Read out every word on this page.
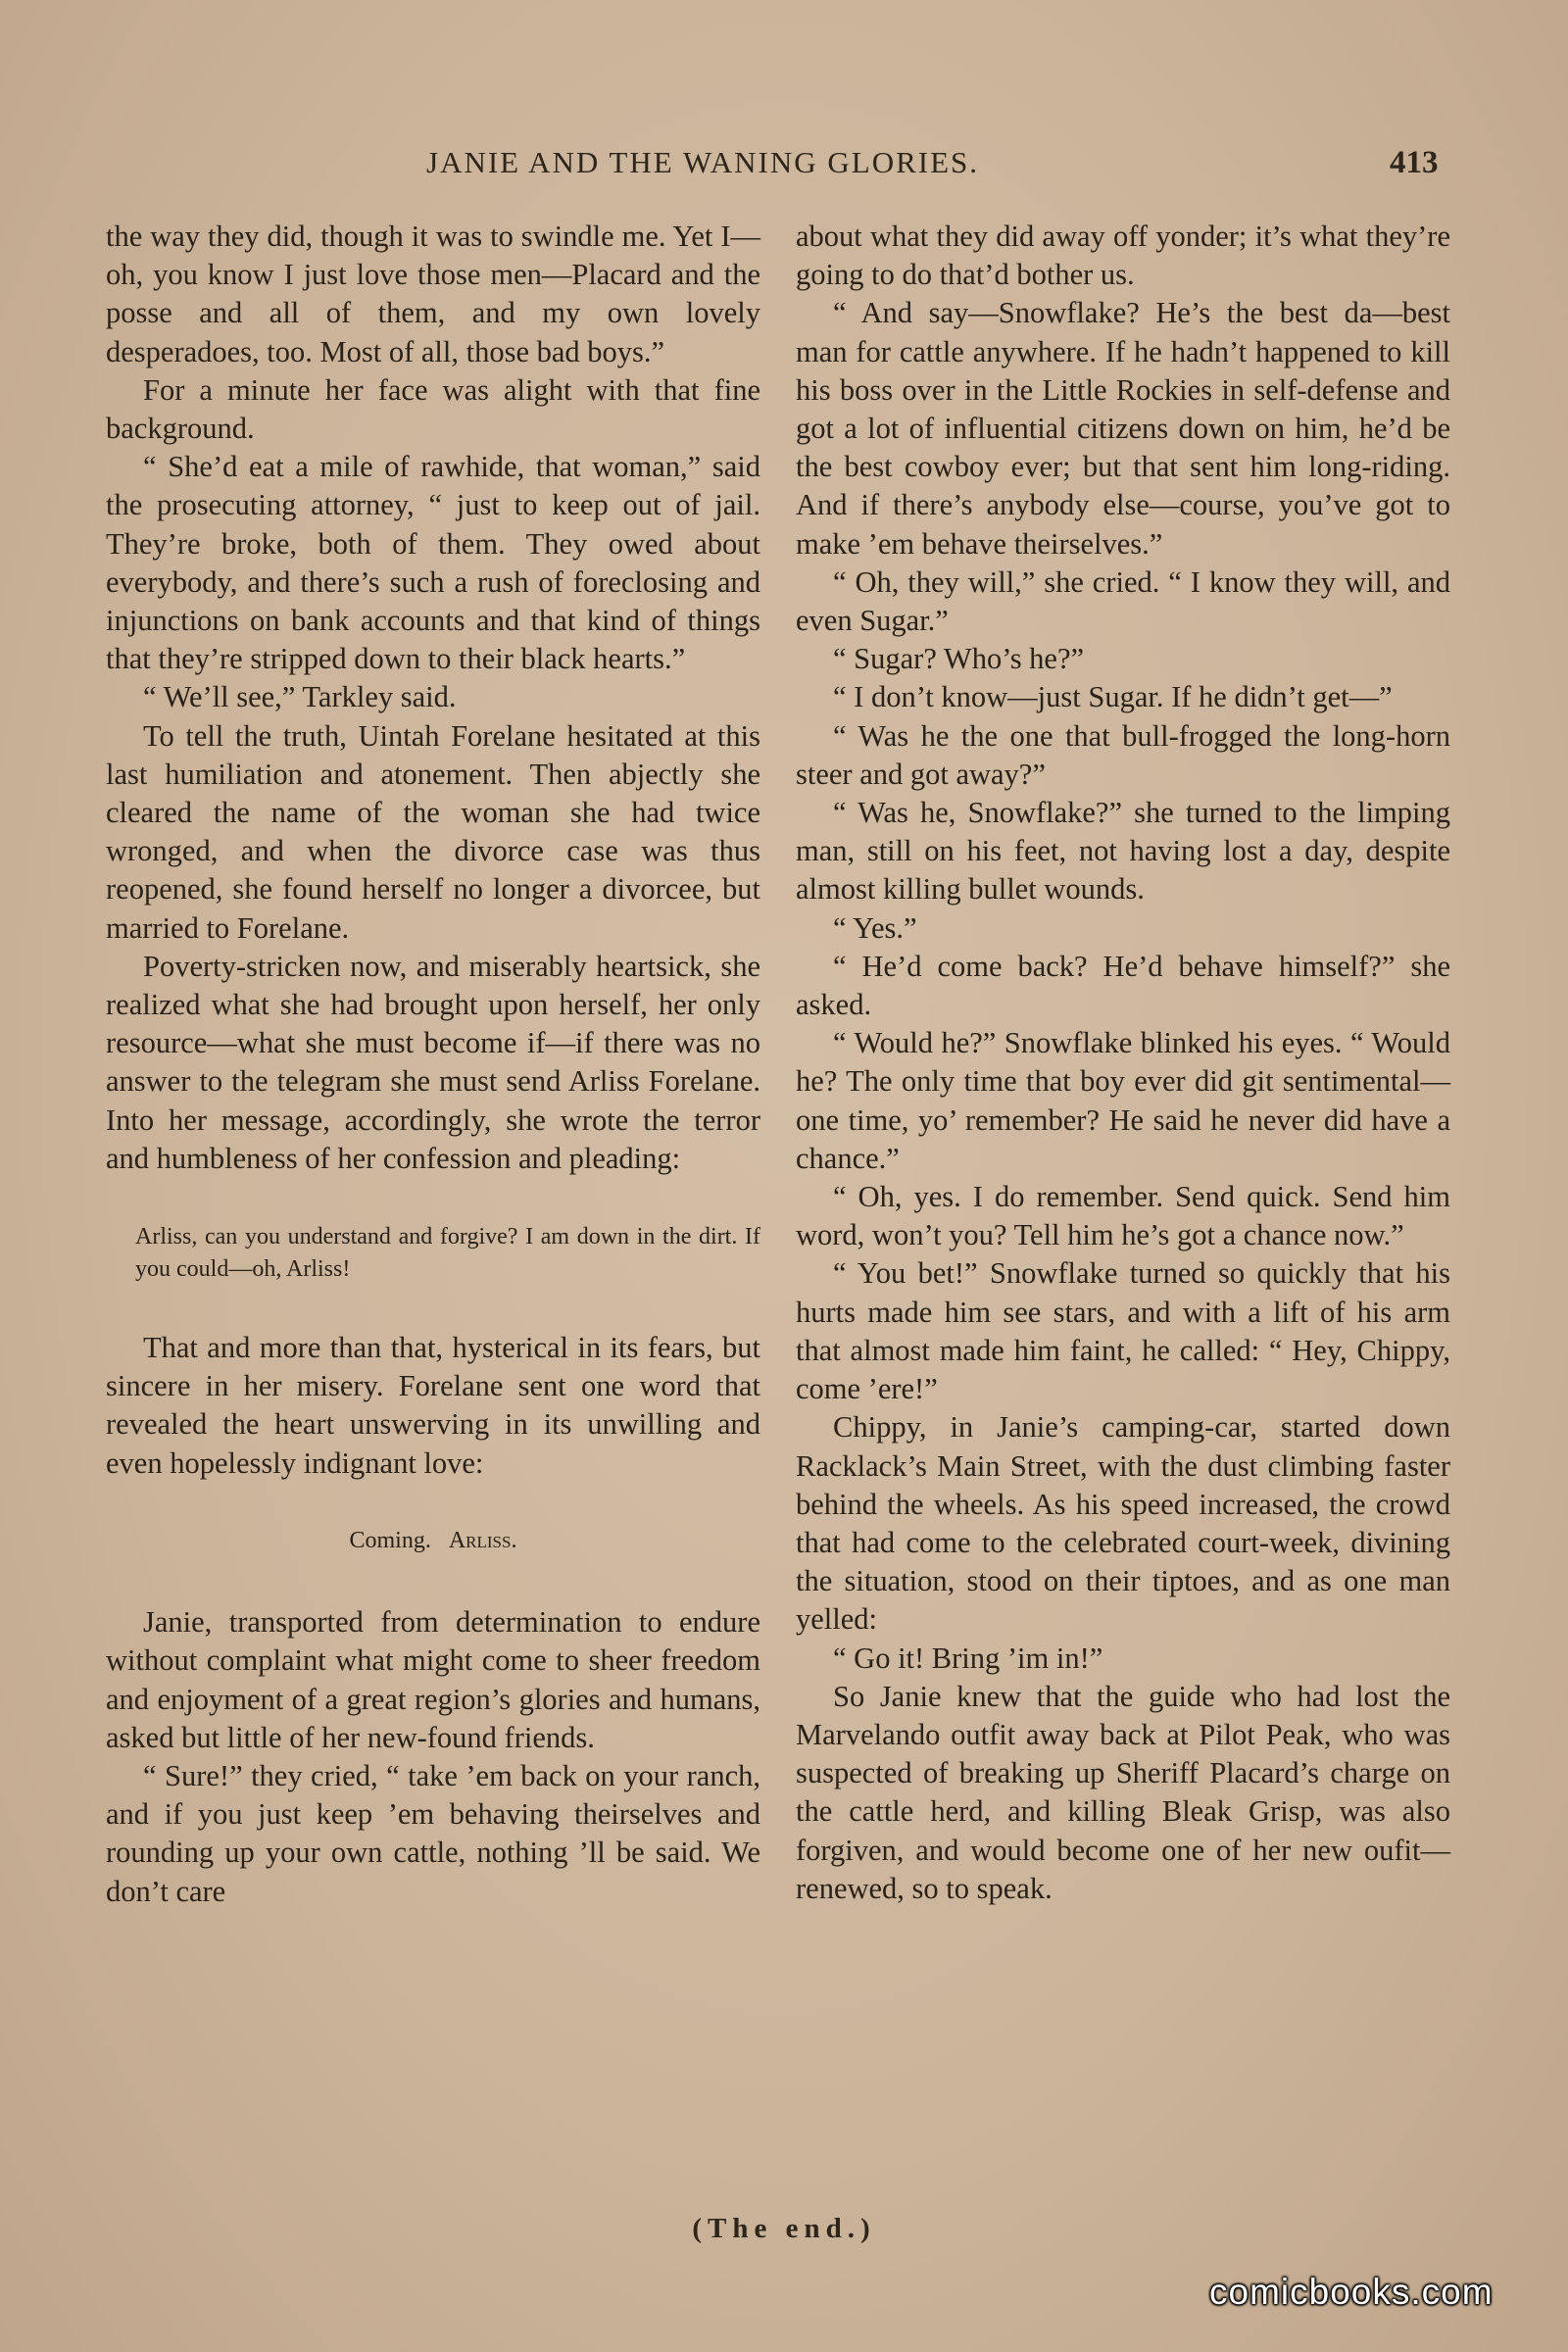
JANIE AND THE WANING GLORIES.	413

the way they did, though it was to swindle me. Yet I—oh, you know I just love those men—Placard and the posse and all of them, and my own lovely desperadoes, too. Most of all, those bad boys.”

For a minute her face was alight with that fine background.

“ She’d eat a mile of rawhide, that woman,” said the prosecuting attorney, “ just to keep out of jail. They’re broke, both of them. They owed about everybody, and there’s such a rush of foreclosing and injunctions on bank accounts and that kind of things that they’re stripped down to their black hearts.”

“ We’ll see,” Tarkley said.

To tell the truth, Uintah Forelane hesitated at this last humiliation and atonement. Then abjectly she cleared the name of the woman she had twice wronged, and when the divorce case was thus reopened, she found herself no longer a divorcee, but married to Forelane.

Poverty-stricken now, and miserably heartsick, she realized what she had brought upon herself, her only resource—what she must become if—if there was no answer to the telegram she must send Arliss Forelane. Into her message, accordingly, she wrote the terror and humbleness of her confession and pleading:

Arliss, can you understand and forgive? I am down in the dirt. If you could—oh, Arliss!

That and more than that, hysterical in its fears, but sincere in her misery. Forelane sent one word that revealed the heart unswerving in its unwilling and even hopelessly indignant love:

Coming. Arliss.

Janie, transported from determination to endure without complaint what might come to sheer freedom and enjoyment of a great region’s glories and humans, asked but little of her new-found friends.

“ Sure!” they cried, “ take ’em back on your ranch, and if you just keep ’em behaving theirselves and rounding up your own cattle, nothing ’ll be said. We don’t care

about what they did away off yonder; it’s what they’re going to do that’d bother us.

“ And say—Snowflake? He’s the best da—best man for cattle anywhere. If he hadn’t happened to kill his boss over in the Little Rockies in self-defense and got a lot of influential citizens down on him, he’d be the best cowboy ever; but that sent him long-riding. And if there’s anybody else—course, you’ve got to make ’em behave theirselves.”

“ Oh, they will,” she cried. “ I know they will, and even Sugar.”

“ Sugar? Who’s he?”

“ I don’t know—just Sugar. If he didn’t get—”

“ Was he the one that bull-frogged the long-horn steer and got away?”

“ Was he, Snowflake?” she turned to the limping man, still on his feet, not having lost a day, despite almost killing bullet wounds.

“ Yes.”

“ He’d come back? He’d behave himself?” she asked.

“ Would he?” Snowflake blinked his eyes. “ Would he? The only time that boy ever did git sentimental—one time, yo’ remember? He said he never did have a chance.”

“ Oh, yes. I do remember. Send quick. Send him word, won’t you? Tell him he’s got a chance now.”

“ You bet!” Snowflake turned so quickly that his hurts made him see stars, and with a lift of his arm that almost made him faint, he called: “ Hey, Chippy, come ’ere!”

Chippy, in Janie’s camping-car, started down Racklack’s Main Street, with the dust climbing faster behind the wheels. As his speed increased, the crowd that had come to the celebrated court-week, divining the situation, stood on their tiptoes, and as one man yelled:

“ Go it! Bring ’im in!”

So Janie knew that the guide who had lost the Marvelando outfit away back at Pilot Peak, who was suspected of breaking up Sheriff Placard’s charge on the cattle herd, and killing Bleak Grisp, was also forgiven, and would become one of her new oufit—renewed, so to speak.

(The end.)
comicbooks.com
